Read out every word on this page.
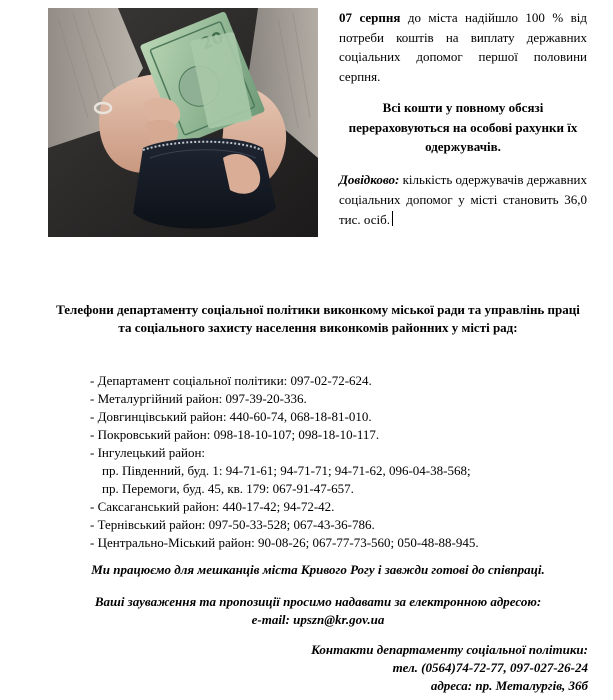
07 серпня до міста надійшло 100 % від потреби коштів на виплату державних соціальних допомог першої половини серпня.

Всі кошти у повному обсязі перераховуються на особові рахунки їх одержувачів.

Довідково: кількість одержувачів державних соціальних допомог у місті становить 36,0 тис. осіб.

Телефони департаменту соціальної політики виконкому міської ради та управлінь праці та соціального захисту населення виконкомів районних у місті рад:

- Департамент соціальної політики: 097-02-72-624.
- Металургійний район: 097-39-20-336.
- Довгинцівський район: 440-60-74, 068-18-81-010.
- Покровський район: 098-18-10-107; 098-18-10-117.
- Інгулецький район:
пр. Південний, буд. 1: 94-71-61; 94-71-71; 94-71-62, 096-04-38-568;
пр. Перемоги, буд. 45, кв. 179: 067-91-47-657.
- Саксаганський район: 440-17-42; 94-72-42.
- Тернівський район: 097-50-33-528; 067-43-36-786.
- Центрально-Міський район: 90-08-26; 067-77-73-560; 050-48-88-945.

Ми працюємо для мешканців міста Кривого Рогу і завжди готові до співпраці.

Ваші зауваження та пропозиції просимо надавати за електронною адресою:

e-mail: upszn@kr.gov.ua

Контакти департаменту соціальної політики:
тел. (0564)74-72-77, 097-027-26-24
адреса: пр. Металургів, 36б
